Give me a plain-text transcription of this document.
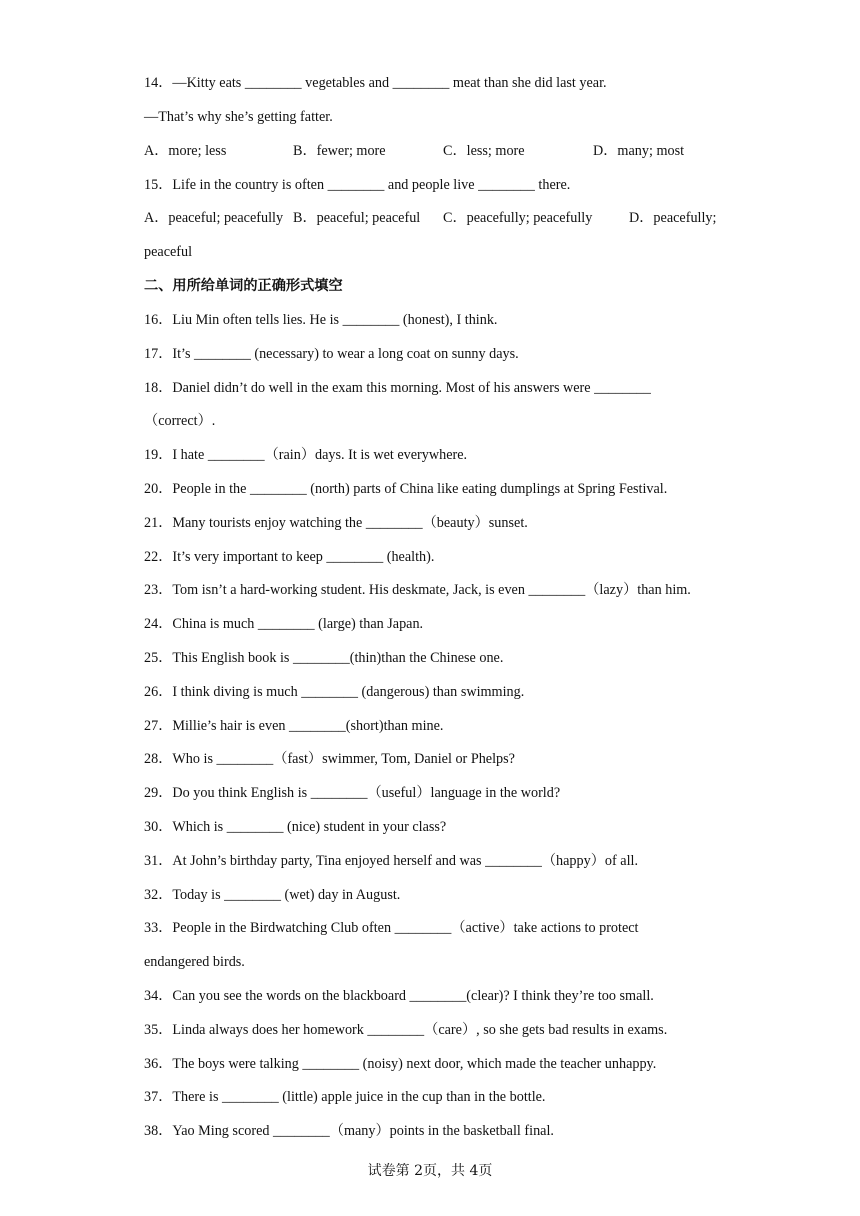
14．—Kitty eats ________ vegetables and ________ meat than she did last year.
—That’s why she’s getting fatter.
A．more; less	B．fewer; more	C．less; more	D．many; most
15．Life in the country is often ________ and people live ________ there.
A．peaceful; peacefully B．peaceful; peaceful C．peacefully; peacefully	D．peacefully;
peaceful
二、用所给单词的正确形式填空
16．Liu Min often tells lies. He is ________ (honest), I think.
17．It’s ________ (necessary) to wear a long coat on sunny days.
18．Daniel didn’t do well in the exam this morning. Most of his answers were ________
（correct）.
19．I hate ________（rain）days. It is wet everywhere.
20．People in the ________ (north) parts of China like eating dumplings at Spring Festival.
21．Many tourists enjoy watching the ________（beauty）sunset.
22．It’s very important to keep ________ (health).
23．Tom isn’t a hard-working student. His deskmate, Jack, is even ________（lazy）than him.
24．China is much ________ (large) than Japan.
25．This English book is ________(thin)than the Chinese one.
26．I think diving is much ________ (dangerous) than swimming.
27．Millie’s hair is even ________(short)than mine.
28．Who is ________（fast）swimmer, Tom, Daniel or Phelps?
29．Do you think English is ________（useful）language in the world?
30．Which is ________ (nice) student in your class?
31．At John’s birthday party, Tina enjoyed herself and was ________（happy）of all.
32．Today is ________ (wet) day in August.
33．People in the Birdwatching Club often ________（active）take actions to protect
endangered birds.
34．Can you see the words on the blackboard ________(clear)? I think they’re too small.
35．Linda always does her homework ________（care）, so she gets bad results in exams.
36．The boys were talking ________ (noisy) next door, which made the teacher unhappy.
37．There is ________ (little) apple juice in the cup than in the bottle.
38．Yao Ming scored ________（many）points in the basketball final.
试卷第 2页，共 4页
